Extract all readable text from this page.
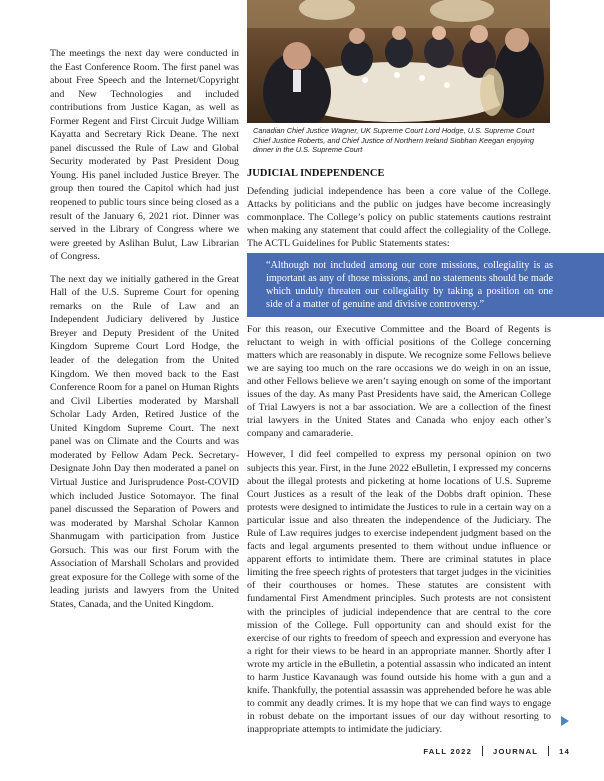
The meetings the next day were conducted in the East Conference Room. The first panel was about Free Speech and the Internet/Copyright and New Technologies and included contributions from Justice Kagan, as well as Former Regent and First Circuit Judge William Kayatta and Secretary Rick Deane. The next panel discussed the Rule of Law and Global Security moderated by Past President Doug Young. His panel included Justice Breyer. The group then toured the Capitol which had just reopened to public tours since being closed as a result of the January 6, 2021 riot. Dinner was served in the Library of Congress where we were greeted by Aslihan Bulut, Law Librarian of Congress.

The next day we initially gathered in the Great Hall of the U.S. Supreme Court for opening remarks on the Rule of Law and an Independent Judiciary delivered by Justice Breyer and Deputy President of the United Kingdom Supreme Court Lord Hodge, the leader of the delegation from the United Kingdom. We then moved back to the East Conference Room for a panel on Human Rights and Civil Liberties moderated by Marshall Scholar Lady Arden, Retired Justice of the United Kingdom Supreme Court. The next panel was on Climate and the Courts and was moderated by Fellow Adam Peck. Secretary-Designate John Day then moderated a panel on Virtual Justice and Jurisprudence Post-COVID which included Justice Sotomayor. The final panel discussed the Separation of Powers and was moderated by Marshal Scholar Kannon Shanmugam with participation from Justice Gorsuch. This was our first Forum with the Association of Marshall Scholars and provided great exposure for the College with some of the leading jurists and lawyers from the United States, Canada, and the United Kingdom.

Canadian Chief Justice Wagner, UK Supreme Court Lord Hodge, U.S. Supreme Court Chief Justice Roberts, and Chief Justice of Northern Ireland Siobhan Keegan enjoying dinner in the U.S. Supreme Court
JUDICIAL INDEPENDENCE

Defending judicial independence has been a core value of the College. Attacks by politicians and the public on judges have become increasingly commonplace. The College’s policy on public statements cautions restraint when making any statement that could affect the collegiality of the College. The ACTL Guidelines for Public Statements states:

For this reason, our Executive Committee and the Board of Regents is reluctant to weigh in with official positions of the College concerning matters which are reasonably in dispute. We recognize some Fellows believe we are saying too much on the rare occasions we do weigh in on an issue, and other Fellows believe we aren’t saying enough on some of the important issues of the day. As many Past Presidents have said, the American College of Trial Lawyers is not a bar association. We are a collection of the finest trial lawyers in the United States and Canada who enjoy each other’s company and camaraderie.

However, I did feel compelled to express my personal opinion on two subjects this year. First, in the June 2022 eBulletin, I expressed my concerns about the illegal protests and picketing at home locations of U.S. Supreme Court Justices as a result of the leak of the Dobbs draft opinion. These protests were designed to intimidate the Justices to rule in a certain way on a particular issue and also threaten the independence of the Judiciary. The Rule of Law requires judges to exercise independent judgment based on the facts and legal arguments presented to them without undue influence or apparent efforts to intimidate them. There are criminal statutes in place limiting the free speech rights of protesters that target judges in the vicinities of their courthouses or homes. These statutes are consistent with fundamental First Amendment principles. Such protests are not consistent with the principles of judicial independence that are central to the core mission of the College. Full opportunity can and should exist for the exercise of our rights to freedom of speech and expression and everyone has a right for their views to be heard in an appropriate manner. Shortly after I wrote my article in the eBulletin, a potential assassin who indicated an intent to harm Justice Kavanaugh was found outside his home with a gun and a knife. Thankfully, the potential assassin was apprehended before he was able to commit any deadly crimes. It is my hope that we can find ways to engage in robust debate on the important issues of our day without resorting to inappropriate attempts to intimidate the judiciary.

“Although not included among our core missions, collegiality is as important as any of those missions, and no statements should be made which unduly threaten our collegiality by taking a position on one side of a matter of genuine and divisive controversy.”
FALL 2022	JOURNAL	14
